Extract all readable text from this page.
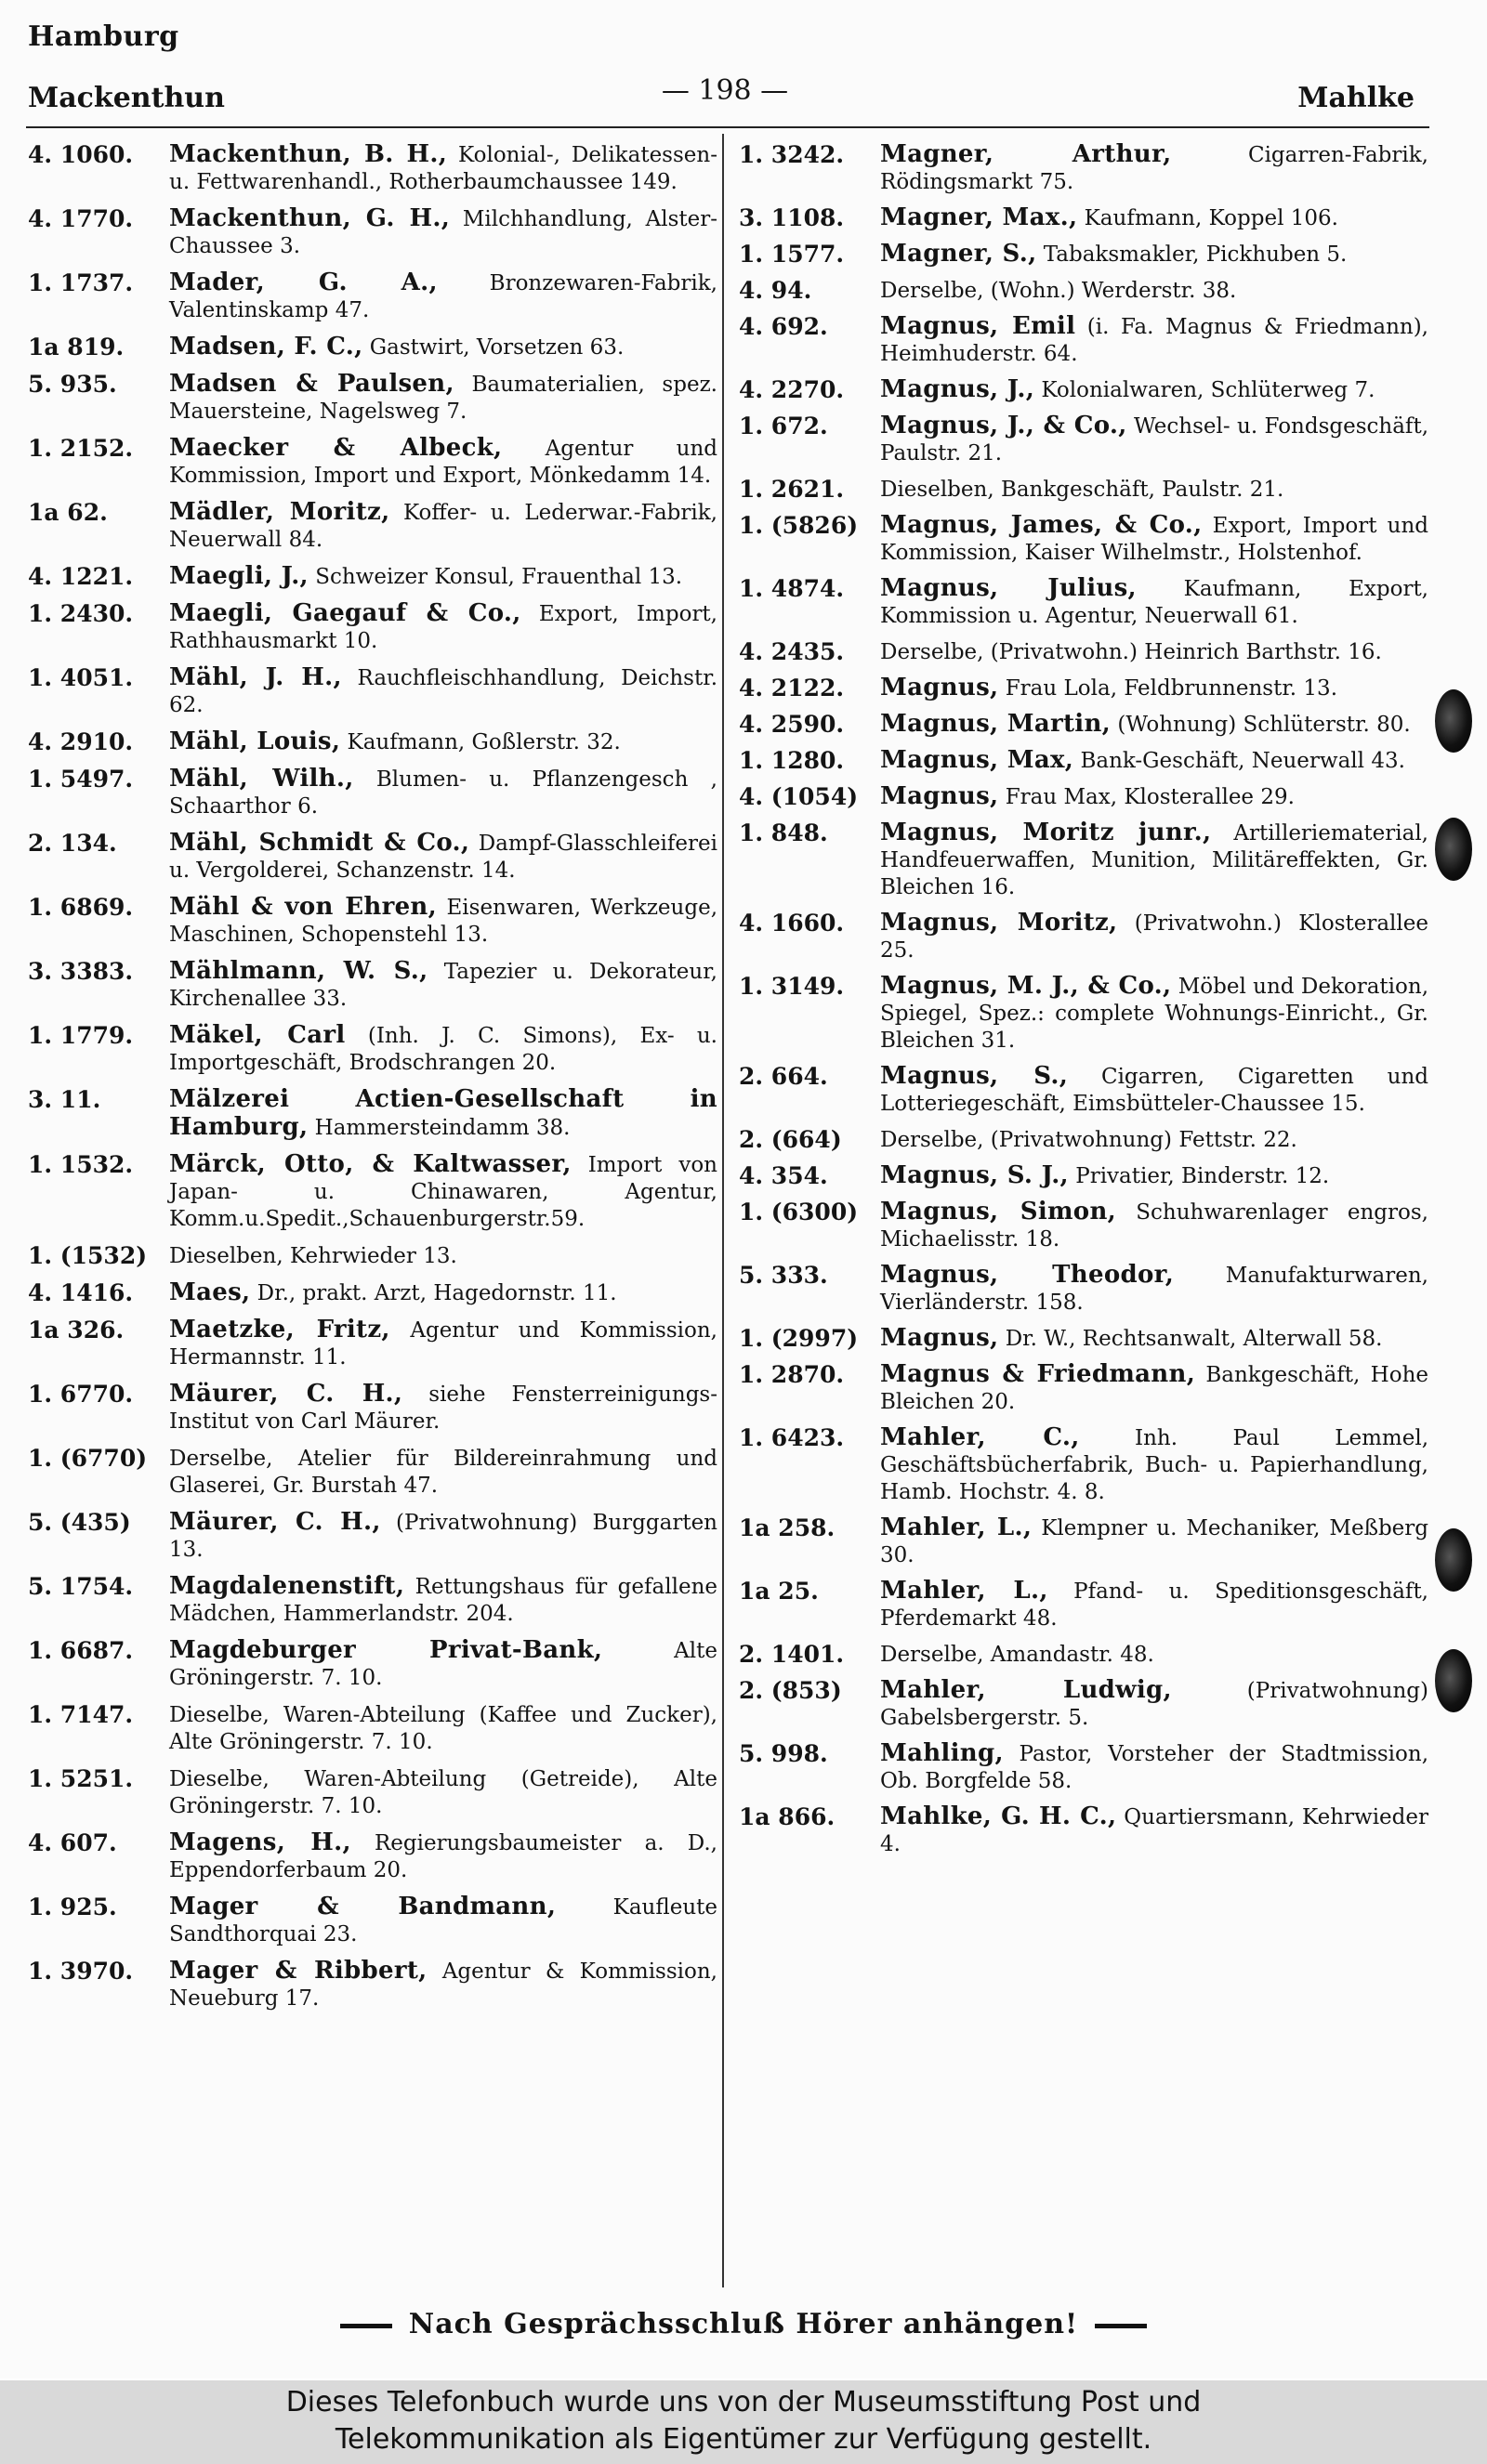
Hamburg
Mackenthun	— 198 —	Mahlke
4. 1060.	Mackenthun, B. H., Kolonial-, Delikatessen- u. Fettwarenhandl., Rotherbaumchaussee 149.
4. 1770.	Mackenthun, G. H., Milchhandlung, Alster-Chaussee 3.
1. 1737.	Mader, G. A., Bronzewaren-Fabrik, Valentinskamp 47.
1a 819.	Madsen, F. C., Gastwirt, Vorsetzen 63.
5. 935.	Madsen & Paulsen, Baumaterialien, spez. Mauersteine, Nagelsweg 7.
1. 2152.	Maecker & Albeck, Agentur und Kommission, Import und Export, Mönkedamm 14.
1a 62.	Mädler, Moritz, Koffer- u. Lederwar.-Fabrik, Neuerwall 84.
4. 1221.	Maegli, J., Schweizer Konsul, Frauenthal 13.
1. 2430.	Maegli, Gaegauf & Co., Export, Import, Rathhausmarkt 10.
1. 4051.	Mähl, J. H., Rauchfleischhandlung, Deichstr. 62.
4. 2910.	Mähl, Louis, Kaufmann, Goßlerstr. 32.
1. 5497.	Mähl, Wilh., Blumen- u. Pflanzengesch , Schaarthor 6.
2. 134.	Mähl, Schmidt & Co., Dampf-Glasschleiferei u. Vergolderei, Schanzenstr. 14.
1. 6869.	Mähl & von Ehren, Eisenwaren, Werkzeuge, Maschinen, Schopenstehl 13.
3. 3383.	Mählmann, W. S., Tapezier u. Dekorateur, Kirchenallee 33.
1. 1779.	Mäkel, Carl (Inh. J. C. Simons), Ex- u. Importgeschäft, Brodschrangen 20.
3. 11.	Mälzerei Actien-Gesellschaft in Hamburg, Hammersteindamm 38.
1. 1532.	Märck, Otto, & Kaltwasser, Import von Japan- u. Chinawaren, Agentur, Komm.u.Spedit.,Schauenburgerstr.59.
1. (1532)	Dieselben, Kehrwieder 13.
4. 1416.	Maes, Dr., prakt. Arzt, Hagedornstr. 11.
1a 326.	Maetzke, Fritz, Agentur und Kommission, Hermannstr. 11.
1. 6770.	Mäurer, C. H., siehe Fensterreinigungs-Institut von Carl Mäurer.
1. (6770)	Derselbe, Atelier für Bildereinrahmung und Glaserei, Gr. Burstah 47.
5. (435)	Mäurer, C. H., (Privatwohnung) Burggarten 13.
5. 1754.	Magdalenenstift, Rettungshaus für gefallene Mädchen, Hammerlandstr. 204.
1. 6687.	Magdeburger Privat-Bank, Alte Gröningerstr. 7. 10.
1. 7147.	Dieselbe, Waren-Abteilung (Kaffee und Zucker), Alte Gröningerstr. 7. 10.
1. 5251.	Dieselbe, Waren-Abteilung (Getreide), Alte Gröningerstr. 7. 10.
4. 607.	Magens, H., Regierungsbaumeister a. D., Eppendorferbaum 20.
1. 925.	Mager & Bandmann, Kaufleute Sandthorquai 23.
1. 3970.	Mager & Ribbert, Agentur & Kommission, Neueburg 17.
1. 3242.	Magner, Arthur, Cigarren-Fabrik, Rödingsmarkt 75.
3. 1108.	Magner, Max., Kaufmann, Koppel 106.
1. 1577.	Magner, S., Tabaksmakler, Pickhuben 5.
4. 94.	Derselbe, (Wohn.) Werderstr. 38.
4. 692.	Magnus, Emil (i. Fa. Magnus & Friedmann), Heimhuderstr. 64.
4. 2270.	Magnus, J., Kolonialwaren, Schlüterweg 7.
1. 672.	Magnus, J., & Co., Wechsel- u. Fondsgeschäft, Paulstr. 21.
1. 2621.	Dieselben, Bankgeschäft, Paulstr. 21.
1. (5826) Magnus, James, & Co., Export, Import und Kommission, Kaiser Wilhelmstr., Holstenhof.
1. 4874.	Magnus, Julius, Kaufmann, Export, Kommission u. Agentur, Neuerwall 61.
4. 2435.	Derselbe, (Privatwohn.) Heinrich Barthstr. 16.
4. 2122.	Magnus, Frau Lola, Feldbrunnenstr. 13.
4. 2590.	Magnus, Martin, (Wohnung) Schlüterstr. 80.
1. 1280.	Magnus, Max, Bank-Geschäft, Neuerwall 43.
4. (1054) Magnus, Frau Max, Klosterallee 29.
1. 848.	Magnus, Moritz junr., Artilleriematerial, Handfeuerwaffen, Munition, Militäreffekten, Gr. Bleichen 16.
4. 1660.	Magnus, Moritz, (Privatwohn.) Klosterallee 25.
1. 3149.	Magnus, M. J., & Co., Möbel und Dekoration, Spiegel, Spez.: complete Wohnungs-Einricht., Gr. Bleichen 31.
2. 664.	Magnus, S., Cigarren, Cigaretten und Lotteriegeschäft, Eimsbütteler-Chaussee 15.
2. (664)	Derselbe, (Privatwohnung) Fettstr. 22.
4. 354.	Magnus, S. J., Privatier, Binderstr. 12.
1. (6300) Magnus, Simon, Schuhwarenlager engros, Michaelisstr. 18.
5. 333.	Magnus, Theodor, Manufakturwaren, Vierländerstr. 158.
1. (2997) Magnus, Dr. W., Rechtsanwalt, Alterwall 58.
1. 2870.	Magnus & Friedmann, Bankgeschäft, Hohe Bleichen 20.
1. 6423.	Mahler, C., Inh. Paul Lemmel, Geschäftsbücherfabrik, Buch- u. Papierhandlung, Hamb. Hochstr. 4. 8.
1a 258.	Mahler, L., Klempner u. Mechaniker, Meßberg 30.
1a 25.	Mahler, L., Pfand- u. Speditionsgeschäft, Pferdemarkt 48.
2. 1401.	Derselbe, Amandastr. 48.
2. (853)	Mahler, Ludwig, (Privatwohnung) Gabelsbergerstr. 5.
5. 998.	Mahling, Pastor, Vorsteher der Stadtmission, Ob. Borgfelde 58.
1a 866.	Mahlke, G. H. C., Quartiersmann, Kehrwieder 4.
Nach Gesprächsschluß Hörer anhängen!
Dieses Telefonbuch wurde uns von der Museumsstiftung Post und
Telekommunikation als Eigentümer zur Verfügung gestellt.
